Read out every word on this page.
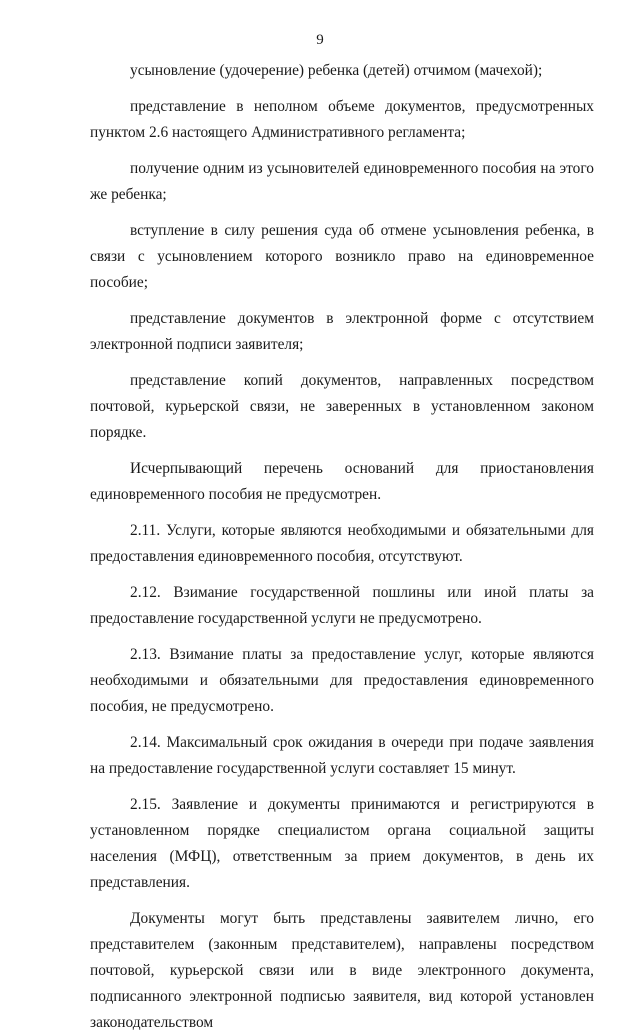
9

усыновление (удочерение) ребенка (детей) отчимом (мачехой);

представление в неполном объеме документов, предусмотренных пунктом 2.6 настоящего Административного регламента;

получение одним из усыновителей единовременного пособия на этого же ребенка;

вступление в силу решения суда об отмене усыновления ребенка, в связи с усыновлением которого возникло право на единовременное пособие;

представление документов в электронной форме с отсутствием электронной подписи заявителя;

представление копий документов, направленных посредством почтовой, курьерской связи, не заверенных в установленном законом порядке.

Исчерпывающий перечень оснований для приостановления единовременного пособия не предусмотрен.

2.11. Услуги, которые являются необходимыми и обязательными для предоставления единовременного пособия, отсутствуют.

2.12. Взимание государственной пошлины или иной платы за предоставление государственной услуги не предусмотрено.

2.13. Взимание платы за предоставление услуг, которые являются необходимыми и обязательными для предоставления единовременного пособия, не предусмотрено.

2.14. Максимальный срок ожидания в очереди при подаче заявления на предоставление государственной услуги составляет 15 минут.

2.15. Заявление и документы принимаются и регистрируются в установленном порядке специалистом органа социальной защиты населения (МФЦ), ответственным за прием документов, в день их представления.

Документы могут быть представлены заявителем лично, его представителем (законным представителем), направлены посредством почтовой, курьерской связи или в виде электронного документа, подписанного электронной подписью заявителя, вид которой установлен законодательством
